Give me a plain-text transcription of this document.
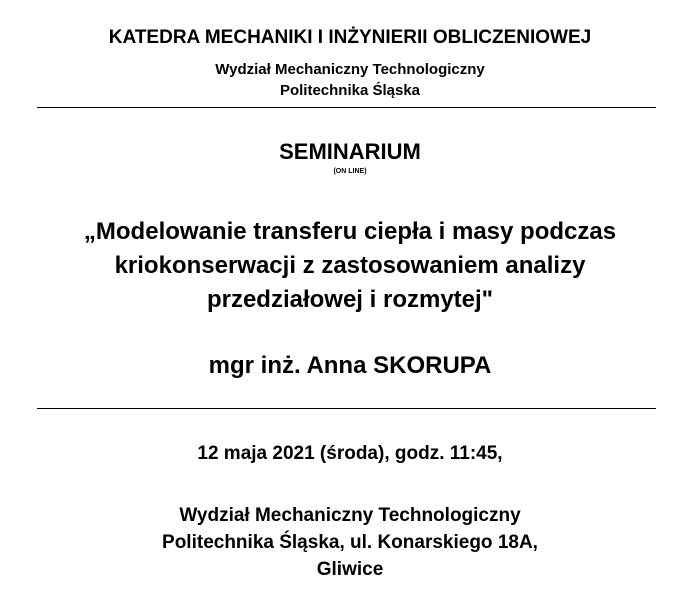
KATEDRA MECHANIKI I INŻYNIERII OBLICZENIOWEJ
Wydział Mechaniczny Technologiczny
Politechnika Śląska
SEMINARIUM
(ON LINE)
„Modelowanie transferu ciepła i masy podczas
kriokonserwacji z zastosowaniem analizy
przedziałowej i rozmytej"
mgr inż. Anna SKORUPA
12 maja 2021 (środa), godz. 11:45,
Wydział Mechaniczny Technologiczny
Politechnika Śląska, ul. Konarskiego 18A,
Gliwice
